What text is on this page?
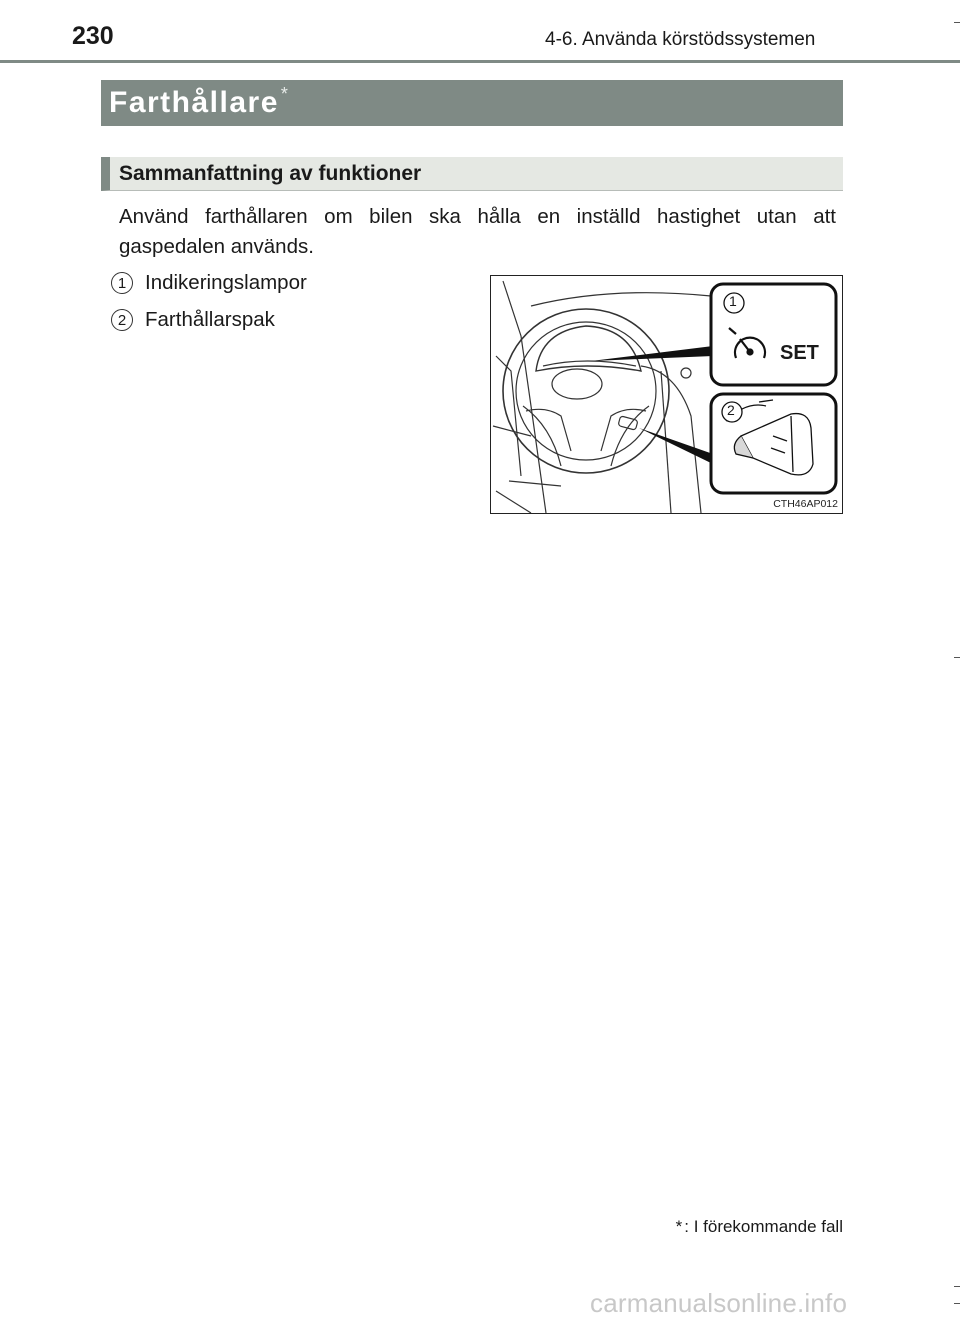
230	4-6. Använda körstödssystemen
Farthållare *
Sammanfattning av funktioner

Använd farthållaren om bilen ska hålla en inställd hastighet utan att gaspedalen används.

1 Indikeringslampor
2 Farthållarspak
1
2
SET
CTH46AP012
* : I förekommande fall
carmanualsonline.info
